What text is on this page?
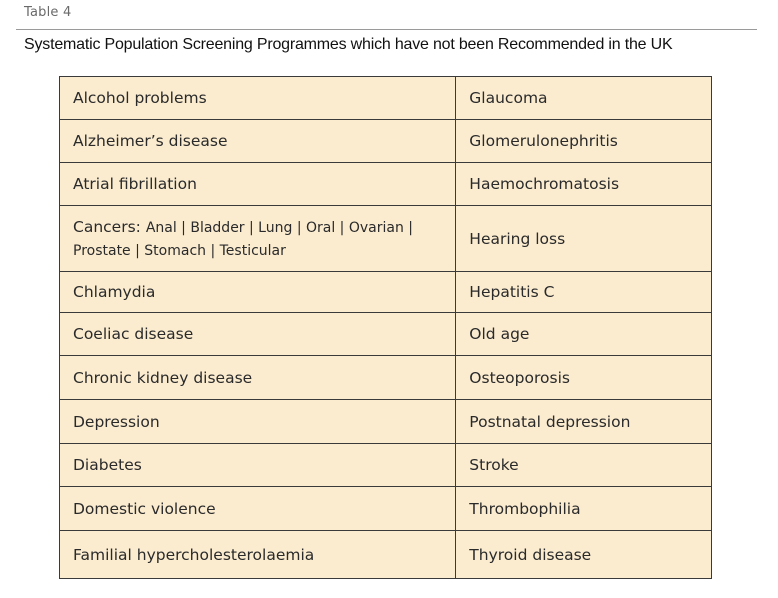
Table 4
Systematic Population Screening Programmes which have not been Recommended in the UK
Alcohol problems	Glaucoma
Alzheimer’s disease	Glomerulonephritis
Atrial fibrillation	Haemochromatosis
Cancers: Anal | Bladder | Lung | Oral | Ovarian |
Prostate | Stomach | Testicular	Hearing loss
Chlamydia	Hepatitis C
Coeliac disease	Old age
Chronic kidney disease	Osteoporosis
Depression	Postnatal depression
Diabetes	Stroke
Domestic violence	Thrombophilia
Familial hypercholesterolaemia	Thyroid disease
